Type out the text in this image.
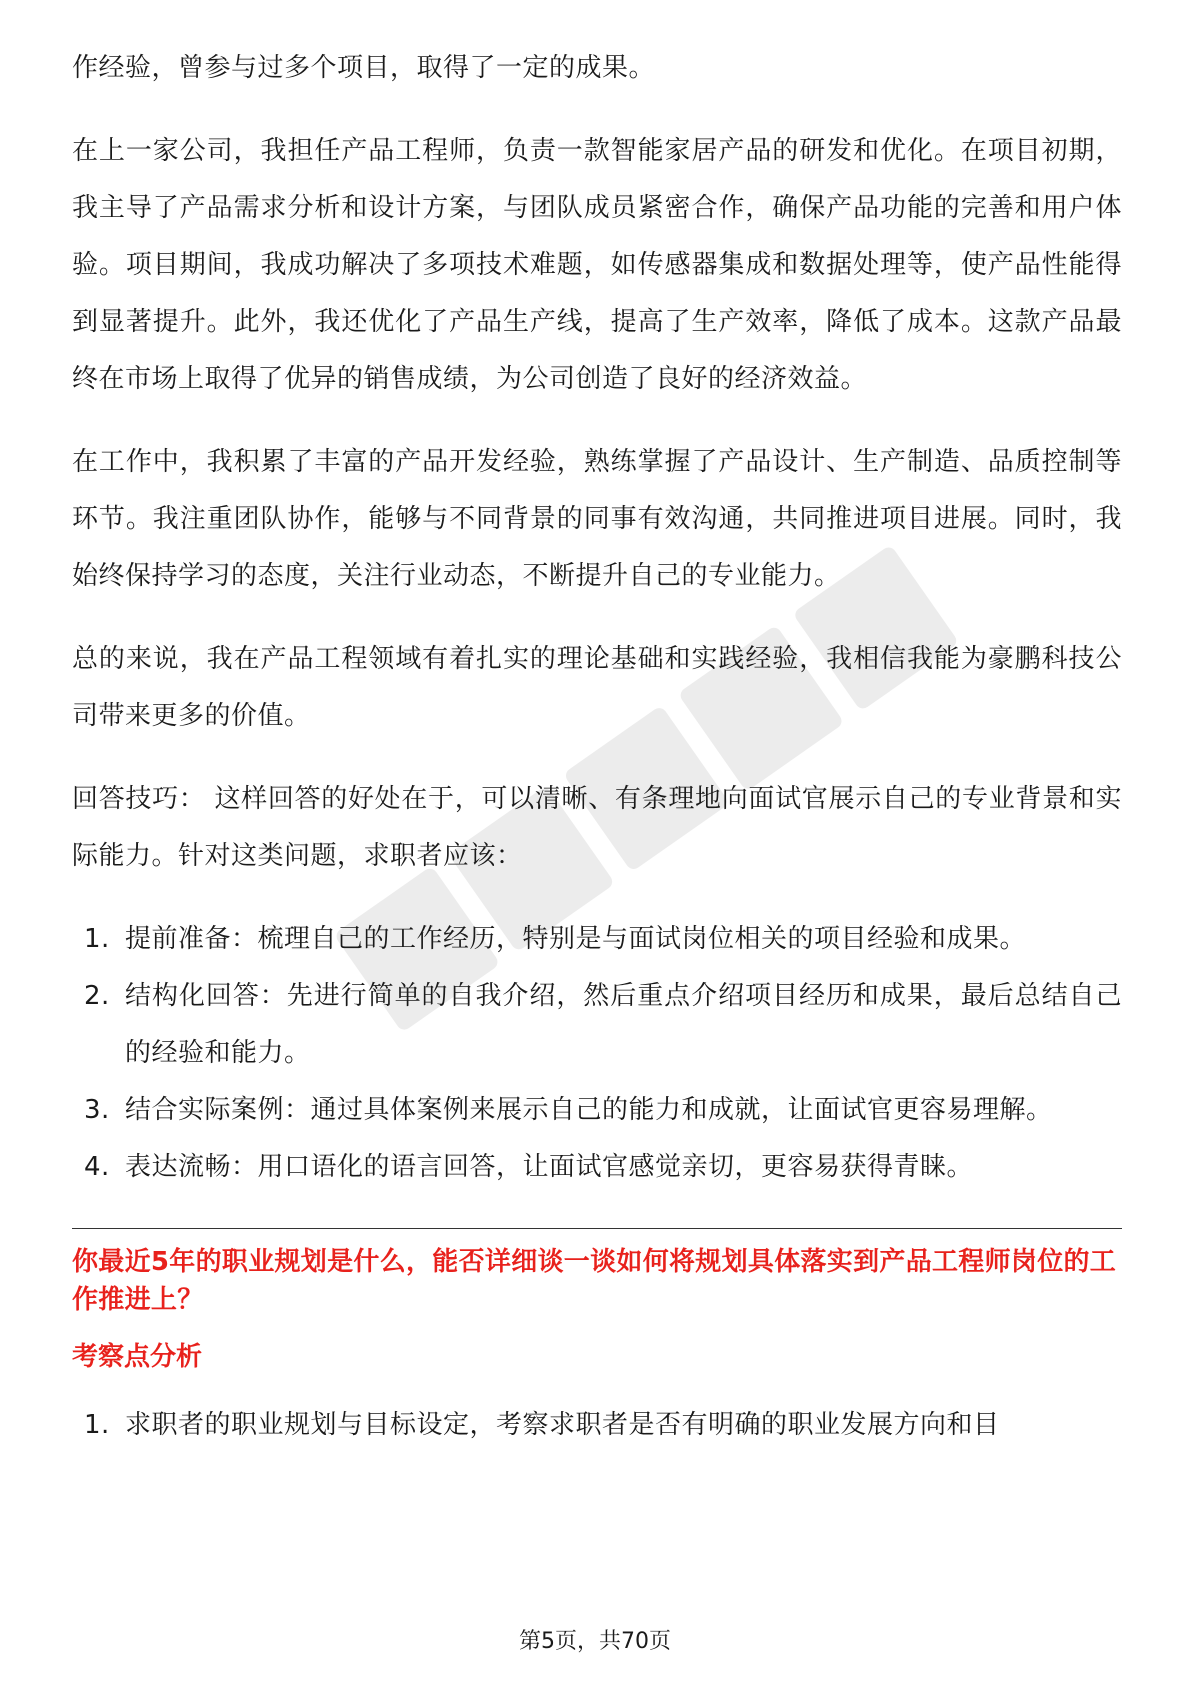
作经验，曾参与过多个项目，取得了一定的成果。

在上一家公司，我担任产品工程师，负责一款智能家居产品的研发和优化。在项目初期，我主导了产品需求分析和设计方案，与团队成员紧密合作，确保产品功能的完善和用户体验。项目期间，我成功解决了多项技术难题，如传感器集成和数据处理等，使产品性能得到显著提升。此外，我还优化了产品生产线，提高了生产效率，降低了成本。这款产品最终在市场上取得了优异的销售成绩，为公司创造了良好的经济效益。

在工作中，我积累了丰富的产品开发经验，熟练掌握了产品设计、生产制造、品质控制等环节。我注重团队协作，能够与不同背景的同事有效沟通，共同推进项目进展。同时，我始终保持学习的态度，关注行业动态，不断提升自己的专业能力。

总的来说，我在产品工程领域有着扎实的理论基础和实践经验，我相信我能为豪鹏科技公司带来更多的价值。

回答技巧： 这样回答的好处在于，可以清晰、有条理地向面试官展示自己的专业背景和实际能力。针对这类问题，求职者应该：

1. 提前准备：梳理自己的工作经历，特别是与面试岗位相关的项目经验和成果。
2. 结构化回答：先进行简单的自我介绍，然后重点介绍项目经历和成果，最后总结自己的经验和能力。
3. 结合实际案例：通过具体案例来展示自己的能力和成就，让面试官更容易理解。
4. 表达流畅：用口语化的语言回答，让面试官感觉亲切，更容易获得青睐。
你最近5年的职业规划是什么，能否详细谈一谈如何将规划具体落实到产品工程师岗位的工作推进上？
考察点分析
1. 求职者的职业规划与目标设定，考察求职者是否有明确的职业发展方向和目
第5页，共70页
